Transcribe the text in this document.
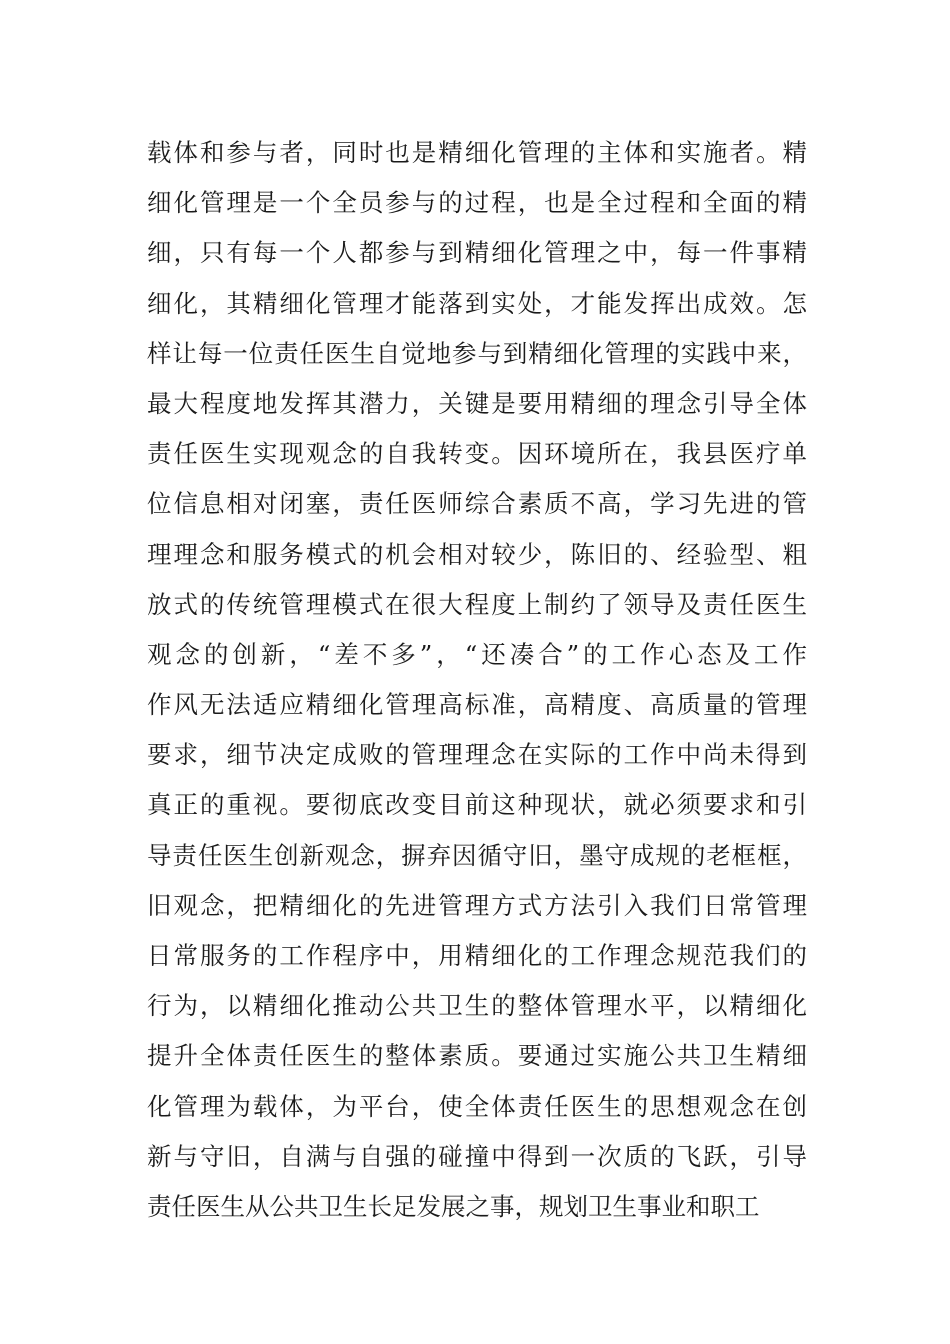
载体和参与者，同时也是精细化管理的主体和实施者。精
细化管理是一个全员参与的过程，也是全过程和全面的精
细，只有每一个人都参与到精细化管理之中，每一件事精
细化，其精细化管理才能落到实处，才能发挥出成效。怎
样让每一位责任医生自觉地参与到精细化管理的实践中来，
最大程度地发挥其潜力，关键是要用精细的理念引导全体
责任医生实现观念的自我转变。因环境所在，我县医疗单
位信息相对闭塞，责任医师综合素质不高，学习先进的管
理理念和服务模式的机会相对较少，陈旧的、经验型、粗
放式的传统管理模式在很大程度上制约了领导及责任医生
观念的创新，“差不多”，“还凑合”的工作心态及工作
作风无法适应精细化管理高标准，高精度、高质量的管理
要求，细节决定成败的管理理念在实际的工作中尚未得到
真正的重视。要彻底改变目前这种现状，就必须要求和引
导责任医生创新观念，摒弃因循守旧，墨守成规的老框框，
旧观念，把精细化的先进管理方式方法引入我们日常管理
日常服务的工作程序中，用精细化的工作理念规范我们的
行为，以精细化推动公共卫生的整体管理水平，以精细化
提升全体责任医生的整体素质。要通过实施公共卫生精细
化管理为载体，为平台，使全体责任医生的思想观念在创
新与守旧，自满与自强的碰撞中得到一次质的飞跃，引导
责任医生从公共卫生长足发展之事，规划卫生事业和职工
